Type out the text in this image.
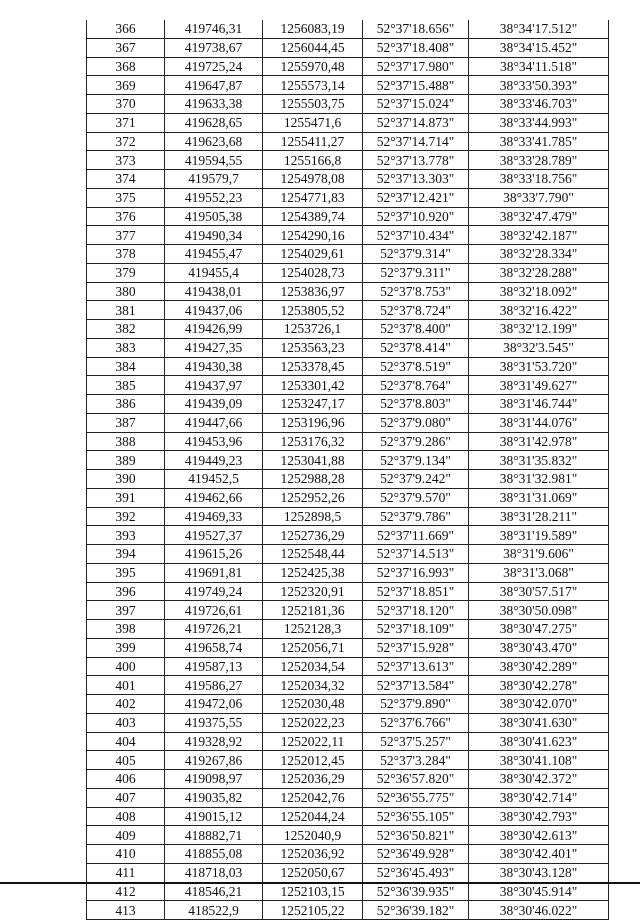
366	419746,31	1256083,19	52°37'18.656"	38°34'17.512"
367	419738,67	1256044,45	52°37'18.408"	38°34'15.452"
368	419725,24	1255970,48	52°37'17.980"	38°34'11.518"
369	419647,87	1255573,14	52°37'15.488"	38°33'50.393"
370	419633,38	1255503,75	52°37'15.024"	38°33'46.703"
371	419628,65	1255471,6	52°37'14.873"	38°33'44.993"
372	419623,68	1255411,27	52°37'14.714"	38°33'41.785"
373	419594,55	1255166,8	52°37'13.778"	38°33'28.789"
374	419579,7	1254978,08	52°37'13.303"	38°33'18.756"
375	419552,23	1254771,83	52°37'12.421"	38°33'7.790"
376	419505,38	1254389,74	52°37'10.920"	38°32'47.479"
377	419490,34	1254290,16	52°37'10.434"	38°32'42.187"
378	419455,47	1254029,61	52°37'9.314"	38°32'28.334"
379	419455,4	1254028,73	52°37'9.311"	38°32'28.288"
380	419438,01	1253836,97	52°37'8.753"	38°32'18.092"
381	419437,06	1253805,52	52°37'8.724"	38°32'16.422"
382	419426,99	1253726,1	52°37'8.400"	38°32'12.199"
383	419427,35	1253563,23	52°37'8.414"	38°32'3.545"
384	419430,38	1253378,45	52°37'8.519"	38°31'53.720"
385	419437,97	1253301,42	52°37'8.764"	38°31'49.627"
386	419439,09	1253247,17	52°37'8.803"	38°31'46.744"
387	419447,66	1253196,96	52°37'9.080"	38°31'44.076"
388	419453,96	1253176,32	52°37'9.286"	38°31'42.978"
389	419449,23	1253041,88	52°37'9.134"	38°31'35.832"
390	419452,5	1252988,28	52°37'9.242"	38°31'32.981"
391	419462,66	1252952,26	52°37'9.570"	38°31'31.069"
392	419469,33	1252898,5	52°37'9.786"	38°31'28.211"
393	419527,37	1252736,29	52°37'11.669"	38°31'19.589"
394	419615,26	1252548,44	52°37'14.513"	38°31'9.606"
395	419691,81	1252425,38	52°37'16.993"	38°31'3.068"
396	419749,24	1252320,91	52°37'18.851"	38°30'57.517"
397	419726,61	1252181,36	52°37'18.120"	38°30'50.098"
398	419726,21	1252128,3	52°37'18.109"	38°30'47.275"
399	419658,74	1252056,71	52°37'15.928"	38°30'43.470"
400	419587,13	1252034,54	52°37'13.613"	38°30'42.289"
401	419586,27	1252034,32	52°37'13.584"	38°30'42.278"
402	419472,06	1252030,48	52°37'9.890"	38°30'42.070"
403	419375,55	1252022,23	52°37'6.766"	38°30'41.630"
404	419328,92	1252022,11	52°37'5.257"	38°30'41.623"
405	419267,86	1252012,45	52°37'3.284"	38°30'41.108"
406	419098,97	1252036,29	52°36'57.820"	38°30'42.372"
407	419035,82	1252042,76	52°36'55.775"	38°30'42.714"
408	419015,12	1252044,24	52°36'55.105"	38°30'42.793"
409	418882,71	1252040,9	52°36'50.821"	38°30'42.613"
410	418855,08	1252036,92	52°36'49.928"	38°30'42.401"
411	418718,03	1252050,67	52°36'45.493"	38°30'43.128"
412	418546,21	1252103,15	52°36'39.935"	38°30'45.914"
413	418522,9	1252105,22	52°36'39.182"	38°30'46.022"
